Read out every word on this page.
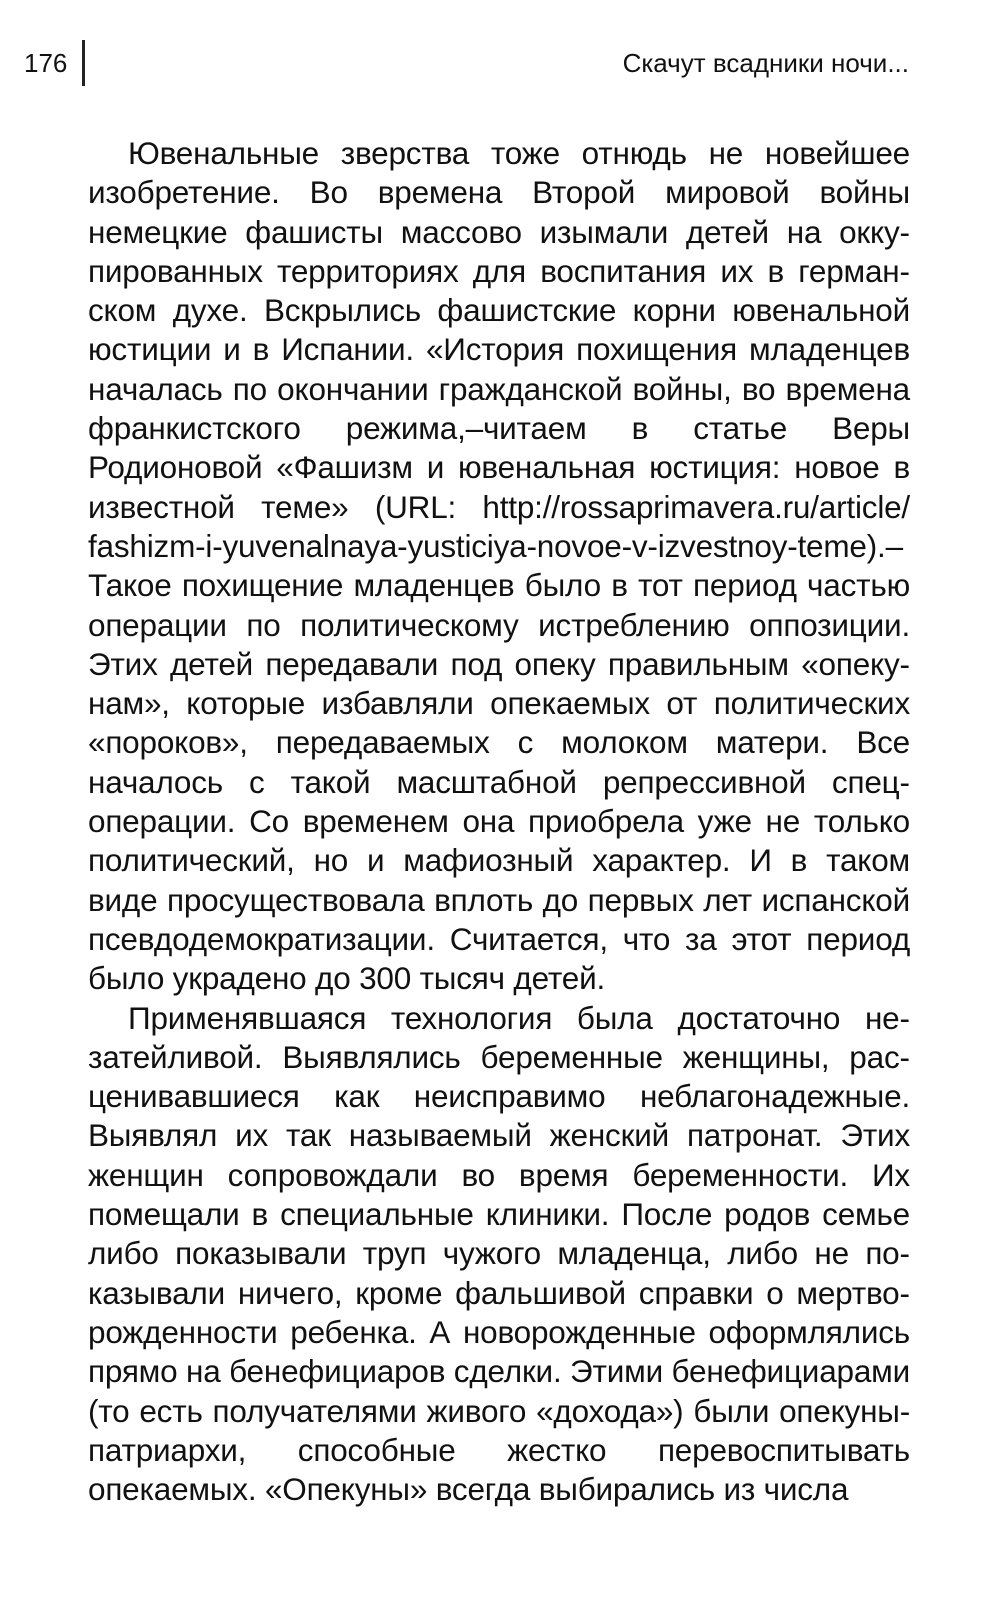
176	Скачут всадники ночи...

Ювенальные зверства тоже отнюдь не новейшее изобретение. Во времена Второй мировой войны немецкие фашисты массово изымали детей на оккупированных территориях для воспитания их в германском духе. Вскрылись фашистские корни ювенальной юстиции и в Испании. «История похищения младенцев началась по окончании гражданской войны, во времена франкистского режима,–читаем в статье Веры Родионовой «Фашизм и ювенальная юстиция: новое в известной теме» (URL: http://rossaprimavera.ru/article/ fashizm-i-yuvenalnaya-yusticiya-novoe-v-izvestnoy-teme).– Такое похищение младенцев было в тот период частью операции по политическому истреблению оппозиции. Этих детей передавали под опеку правильным «опекунам», которые избавляли опекаемых от политических «пороков», передаваемых с молоком матери. Все началось с такой масштабной репрессивной спецоперации. Со временем она приобрела уже не только политический, но и мафиозный характер. И в таком виде просуществовала вплоть до первых лет испанской псевдодемократизации. Считается, что за этот период было украдено до 300 тысяч детей.

Применявшаяся технология была достаточно незатейливой. Выявлялись беременные женщины, расценивавшиеся как неисправимо неблагонадежные. Выявлял их так называемый женский патронат. Этих женщин сопровождали во время беременности. Их помещали в специальные клиники. После родов семье либо показывали труп чужого младенца, либо не показывали ничего, кроме фальшивой справки о мертворожденности ребенка. А новорожденные оформлялись прямо на бенефициаров сделки. Этими бенефициарами (то есть получателями живого «дохода») были опекуны-патриархи, способные жестко перевоспитывать опекаемых. «Опекуны» всегда выбирались из числа
